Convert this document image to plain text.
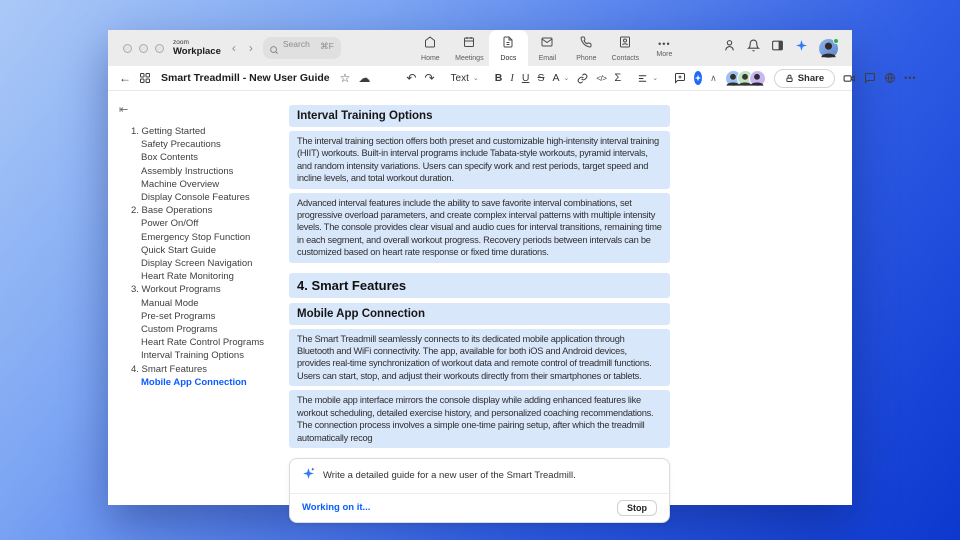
zoom
Workplace ‹ ›	Search ⌘F
Home Meetings Docs	Email	Phone Contacts
•••
More
←	Smart Treadmill - New User Guide ☆ ☁	↶ ↷ Text ⌄ B I U S A ⌄	</> Σ	⌄	∧	Share	•••
⇤
1. Getting Started
Safety Precautions
Box Contents
Assembly Instructions
Machine Overview
Display Console Features
2. Base Operations
Power On/Off
Emergency Stop Function
Quick Start Guide
Display Screen Navigation
Heart Rate Monitoring
3. Workout Programs
Manual Mode
Pre-set Programs
Custom Programs
Heart Rate Control Programs
Interval Training Options
4. Smart Features
Mobile App Connection
Interval Training Options
The interval training section offers both preset and customizable high-intensity interval training (HIIT) workouts. Built-in interval programs include Tabata-style workouts, pyramid intervals, and random intensity variations. Users can specify work and rest periods, target speed and incline levels, and total workout duration.
Advanced interval features include the ability to save favorite interval combinations, set progressive overload parameters, and create complex interval patterns with multiple intensity levels. The console provides clear visual and audio cues for interval transitions, remaining time in each segment, and overall workout progress. Recovery periods between intervals can be customized based on heart rate response or fixed time durations.
4. Smart Features
Mobile App Connection
The Smart Treadmill seamlessly connects to its dedicated mobile application through Bluetooth and WiFi connectivity. The app, available for both iOS and Android devices, provides real-time synchronization of workout data and remote control of treadmill functions. Users can start, stop, and adjust their workouts directly from their smartphones or tablets.
The mobile app interface mirrors the console display while adding enhanced features like workout scheduling, detailed exercise history, and personalized coaching recommendations. The connection process involves a simple one-time pairing setup, after which the treadmill automatically recog
Write a detailed guide for a new user of the Smart Treadmill.
Working on it...	Stop
